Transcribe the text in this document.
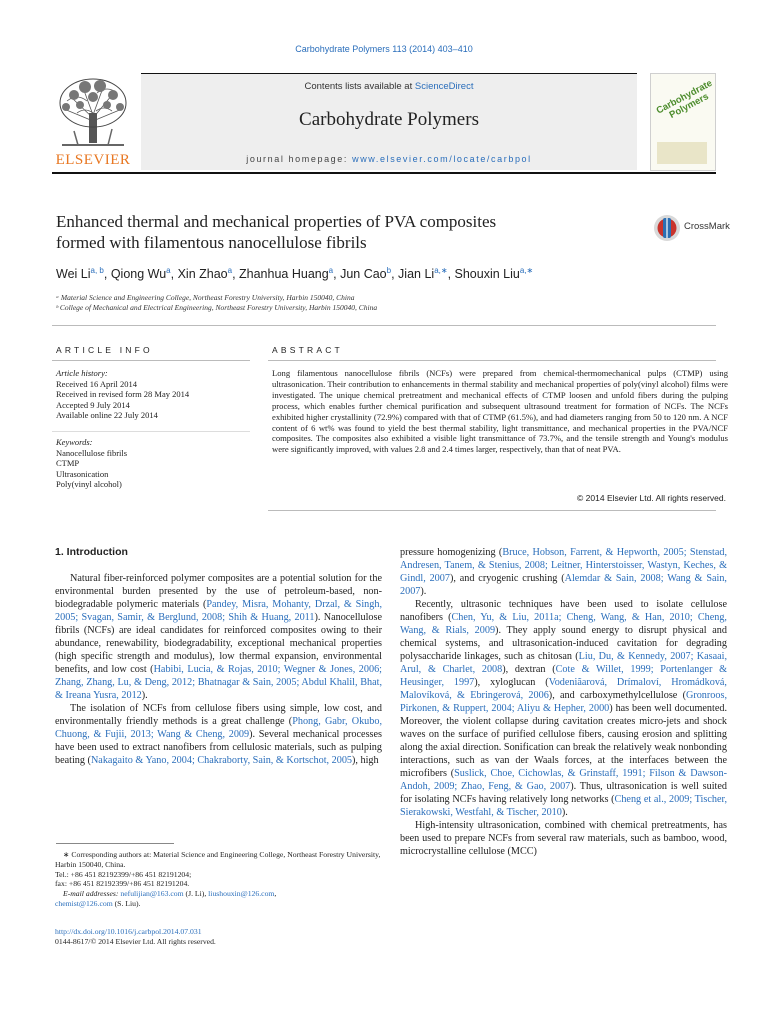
Carbohydrate Polymers 113 (2014) 403–410
ELSEVIER
Contents lists available at ScienceDirect
Carbohydrate Polymers
journal homepage: www.elsevier.com/locate/carbpol
Carbohydrate Polymers
Enhanced thermal and mechanical properties of PVA composites
formed with filamentous nanocellulose fibrils
CrossMark
Wei Li$^{a, b}$, Qiong Wu$^a$, Xin Zhao$^a$, Zhanhua Huang$^a$, Jun Cao$^b$, Jian $Li^{a,∗}$, Shouxin Liu$^{a,∗}$
ᵃ Material Science and Engineering College, Northeast Forestry University, Harbin 150040, China
ᵇ College of Mechanical and Electrical Engineering, Northeast Forestry University, Harbin 150040, China
ARTICLE INFO	ABSTRACT
Article history:
Received 16 April 2014
Received in revised form 28 May 2014
Accepted 9 July 2014
Available online 22 July 2014
Keywords:
Nanocellulose fibrils
CTMP
Ultrasonication
Poly(vinyl alcohol)
Long filamentous nanocellulose fibrils (NCFs) were prepared from chemical-thermomechanical pulps (CTMP) using ultrasonication. Their contribution to enhancements in thermal stability and mechanical properties of poly(vinyl alcohol) films were investigated. The unique chemical pretreatment and mechanical effects of CTMP loosen and unfold fibers during the pulping process, which enables further chemical purification and subsequent ultrasound treatment for formation of NCFs. The NCFs exhibited higher crystallinity (72.9%) compared with that of CTMP (61.5%), and had diameters ranging from 50 to 120 nm. A NCF content of 6 wt% was found to yield the best thermal stability, light transmittance, and mechanical properties in the PVA/NCF composites. The composites also exhibited a visible light transmittance of 73.7%, and the tensile strength and Young's modulus were significantly improved, with values 2.8 and 2.4 times larger, respectively, than that of neat PVA.
© 2014 Elsevier Ltd. All rights reserved.
1. Introduction

Natural fiber-reinforced polymer composites are a potential solution for the environmental burden presented by the use of petroleum-based, non-biodegradable polymeric materials (Pandey, Misra, Mohanty, Drzal, & Singh, 2005; Svagan, Samir, & Berglund, 2008; Shih & Huang, 2011). Nanocellulose fibrils (NCFs) are ideal candidates for reinforced composites owing to their abundance, renewability, biodegradability, exceptional mechanical properties (high specific strength and modulus), low thermal expansion, environmental benefits, and low cost (Habibi, Lucia, & Rojas, 2010; Wegner & Jones, 2006; Zhang, Zhang, Lu, & Deng, 2012; Bhatnagar & Sain, 2005; Abdul Khalil, Bhat, & Ireana Yusra, 2012).

The isolation of NCFs from cellulose fibers using simple, low cost, and environmentally friendly methods is a great challenge (Phong, Gabr, Okubo, Chuong, & Fujii, 2013; Wang & Cheng, 2009). Several mechanical processes have been used to extract nanofibers from cellulosic materials, such as pulping beating (Nakagaito & Yano, 2004; Chakraborty, Sain, & Kortschot, 2005), high

pressure homogenizing (Bruce, Hobson, Farrent, & Hepworth, 2005; Stenstad, Andresen, Tanem, & Stenius, 2008; Leitner, Hinterstoisser, Wastyn, Keches, & Gindl, 2007), and cryogenic crushing (Alemdar & Sain, 2008; Wang & Sain, 2007).

Recently, ultrasonic techniques have been used to isolate cellulose nanofibers (Chen, Yu, & Liu, 2011a; Cheng, Wang, & Han, 2010; Cheng, Wang, & Rials, 2009). They apply sound energy to disrupt physical and chemical systems, and ultrasonication-induced cavitation for degrading polysaccharide linkages, such as chitosan (Liu, Du, & Kennedy, 2007; Kasaai, Arul, & Charlet, 2008), dextran (Cote & Willet, 1999; Portenlanger & Heusinger, 1997), xyloglucan (Vodeniãarová, Drímaloví, Hromádková, Malovíková, & Ebringerová, 2006), and carboxymethylcellulose (Gronroos, Pirkonen, & Ruppert, 2004; Aliyu & Hepher, 2000) has been well documented. Moreover, the violent collapse during cavitation creates micro-jets and shock waves on the surface of purified cellulose fibers, causing erosion and splitting along the axial direction. Sonification can break the relatively weak nonbonding interactions, such as van der Waals forces, at the interfaces between the microfibers (Suslick, Choe, Cichowlas, & Grinstaff, 1991; Filson & Dawson-Andoh, 2009; Zhao, Feng, & Gao, 2007). Thus, ultrasonication is well suited for isolating NCFs having relatively long networks (Cheng et al., 2009; Tischer, Sierakowski, Westfahl, & Tischer, 2010).

High-intensity ultrasonication, combined with chemical pretreatments, has been used to prepare NCFs from several raw materials, such as bamboo, wood, microcrystalline cellulose (MCC)

∗ Corresponding authors at: Material Science and Engineering College, Northeast Forestry University, Harbin 150040, China.
Tel.: +86 451 82192399/+86 451 82191204;
fax: +86 451 82192399/+86 451 82191204.
E-mail addresses: nefulijian@163.com (J. Li), liushouxin@126.com,
chemist@126.com (S. Liu).
http://dx.doi.org/10.1016/j.carbpol.2014.07.031
0144-8617/© 2014 Elsevier Ltd. All rights reserved.
